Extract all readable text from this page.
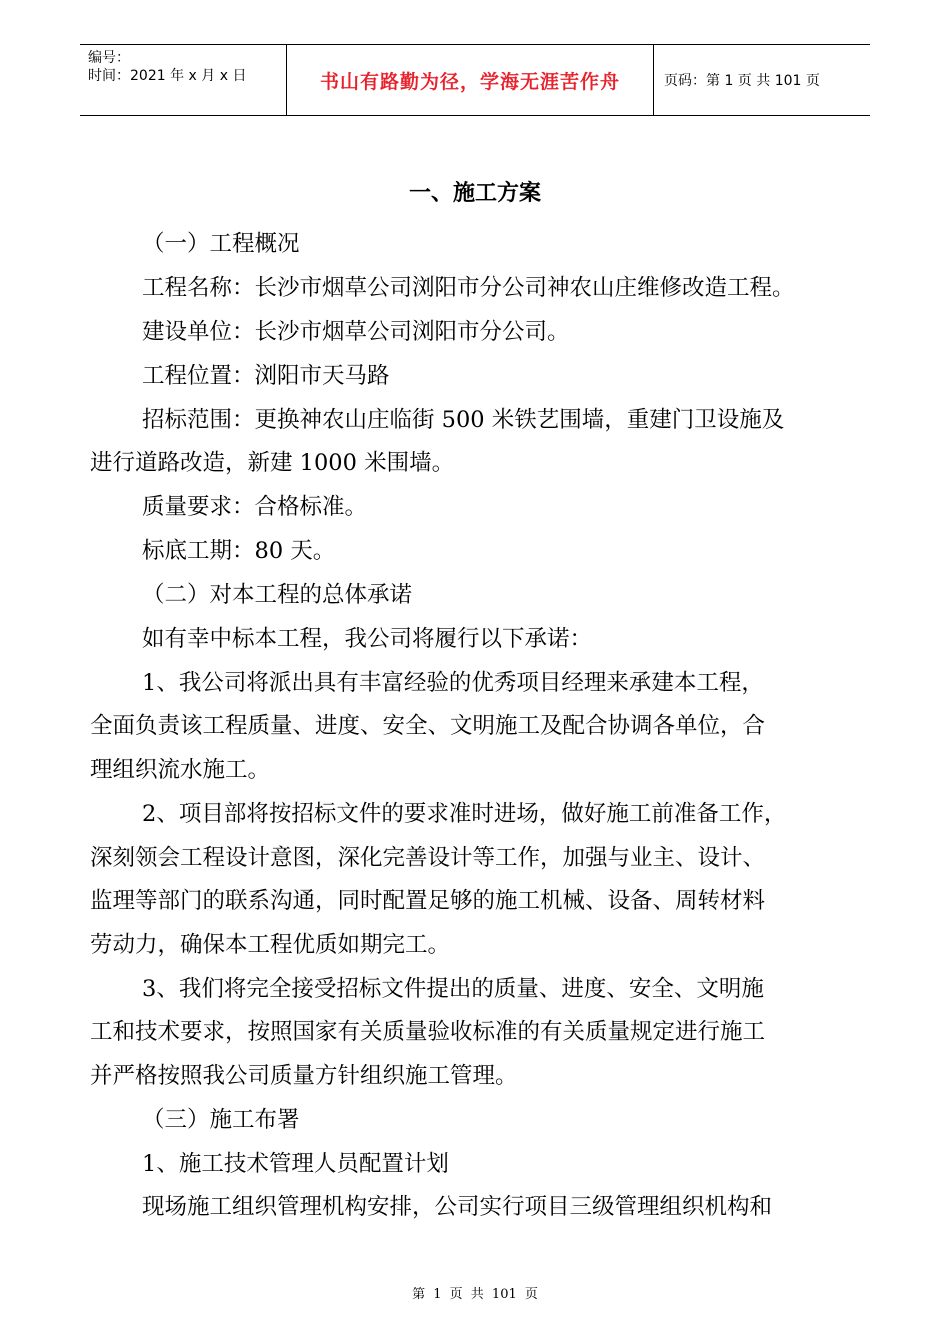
编号：
时间：2021 年 x 月 x 日	书山有路勤为径，学海无涯苦作舟	页码：第 1 页 共 101 页
一、施工方案
（一）工程概况
工程名称：长沙市烟草公司浏阳市分公司神农山庄维修改造工程。
建设单位：长沙市烟草公司浏阳市分公司。
工程位置：浏阳市天马路
招标范围：更换神农山庄临街 500 米铁艺围墙，重建门卫设施及
进行道路改造，新建 1000 米围墙。
质量要求：合格标准。
标底工期：80 天。
（二）对本工程的总体承诺
如有幸中标本工程，我公司将履行以下承诺：
1、我公司将派出具有丰富经验的优秀项目经理来承建本工程，
全面负责该工程质量、进度、安全、文明施工及配合协调各单位，合
理组织流水施工。
2、项目部将按招标文件的要求准时进场，做好施工前准备工作，
深刻领会工程设计意图，深化完善设计等工作，加强与业主、设计、
监理等部门的联系沟通，同时配置足够的施工机械、设备、周转材料
劳动力，确保本工程优质如期完工。
3、我们将完全接受招标文件提出的质量、进度、安全、文明施
工和技术要求，按照国家有关质量验收标准的有关质量规定进行施工
并严格按照我公司质量方针组织施工管理。
（三）施工布署
1、施工技术管理人员配置计划
现场施工组织管理机构安排，公司实行项目三级管理组织机构和
第 1 页 共 101 页
